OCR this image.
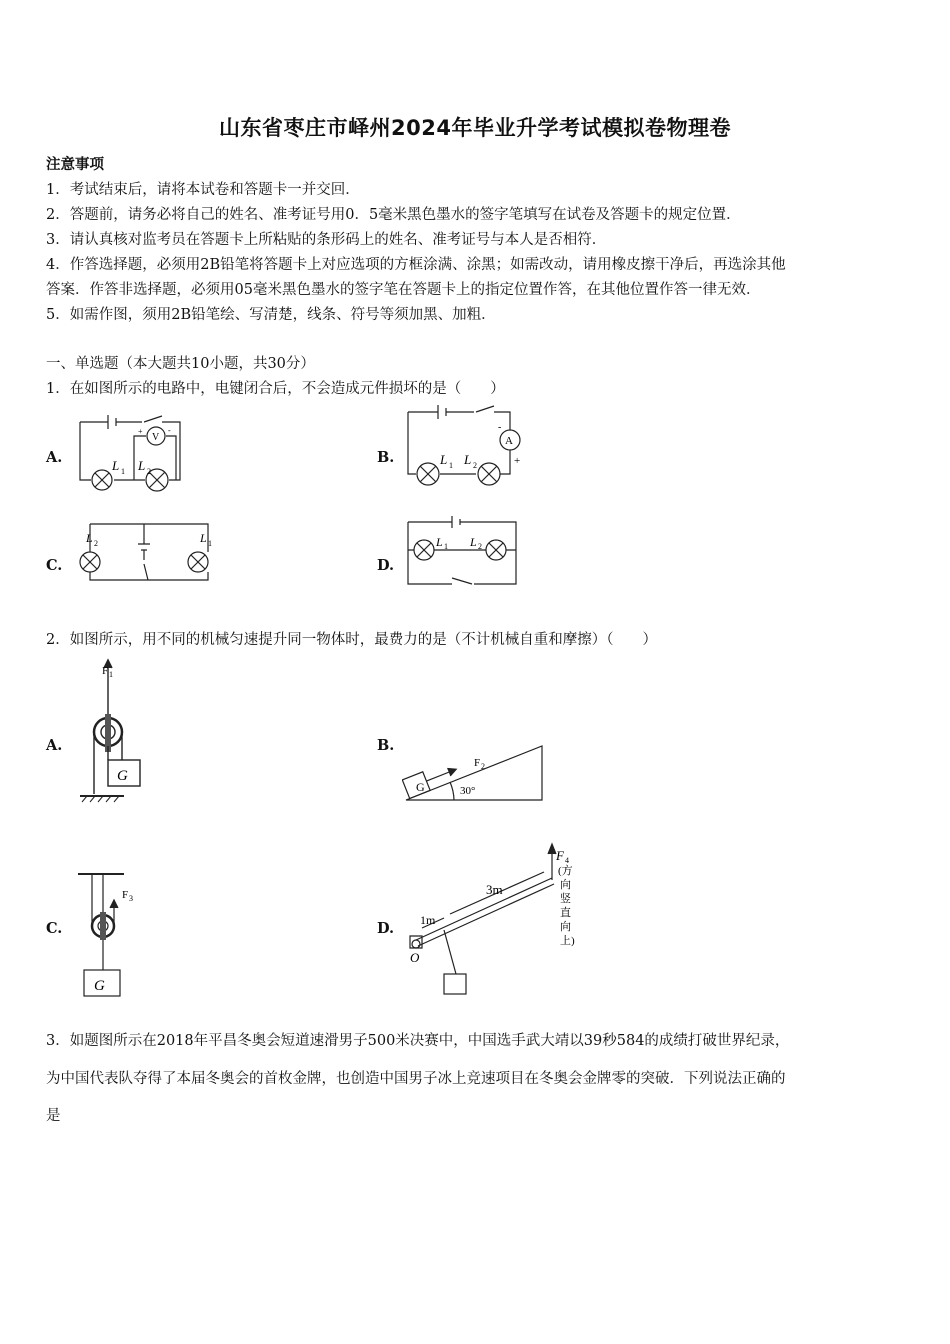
山东省枣庄市峄州2024年毕业升学考试模拟卷物理卷
注意事项
1．考试结束后，请将本试卷和答题卡一并交回．
2．答题前，请务必将自己的姓名、准考证号用0．5毫米黑色墨水的签字笔填写在试卷及答题卡的规定位置．
3．请认真核对监考员在答题卡上所粘贴的条形码上的姓名、准考证号与本人是否相符．
4．作答选择题，必须用2B铅笔将答题卡上对应选项的方框涂满、涂黑；如需改动，请用橡皮擦干净后，再选涂其他
答案．作答非选择题，必须用05毫米黑色墨水的签字笔在答题卡上的指定位置作答，在其他位置作答一律无效．
5．如需作图，须用2B铅笔绘、写清楚，线条、符号等须加黑、加粗．
一、单选题（本大题共10小题，共30分）
1．在如图所示的电路中，电键闭合后，不会造成元件损坏的是（　　）
A.	B.
C.	D.
V
+	-
L 1 L 2
A
-
+
L 1 L 2
L 2	L 1	L 1 L 2
2．如图所示，用不同的机械匀速提升同一物体时，最费力的是（不计机械自重和摩擦）（　　）
A.	B.
C.	D.
F 1
G
G	30°
F 2
F 3
G
1m
3m
O
F 4
(方
向
竖
直
向
上)
3．如题图所示在2018年平昌冬奥会短道速滑男子500米决赛中，中国选手武大靖以39秒584的成绩打破世界纪录，
为中国代表队夺得了本届冬奥会的首枚金牌，也创造中国男子冰上竞速项目在冬奥会金牌零的突破．下列说法正确的
是
